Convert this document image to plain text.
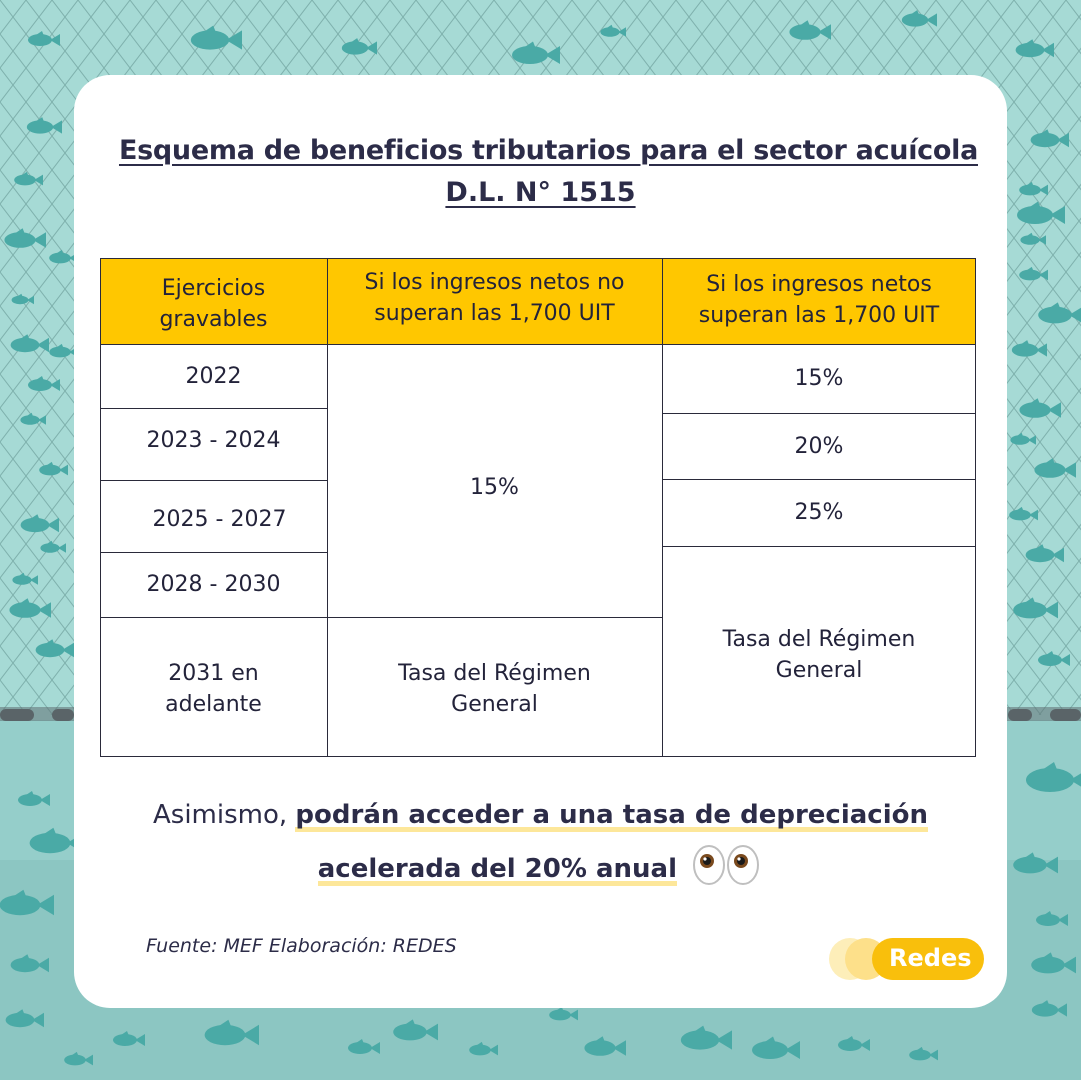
Esquema de beneficios tributarios para el sector acuícola
D.L. N° 1515
Ejercicios gravables
Si los ingresos netos no superan las 1,700 UIT
Si los ingresos netos superan las 1,700 UIT
2022
2023 - 2024
2025 - 2027
2028 - 2030
2031 en adelante
15%
Tasa del Régimen General
15%
20%
25%
Tasa del Régimen General
Asimismo, podrán acceder a una tasa de depreciación
acelerada del 20% anual
Fuente: MEF Elaboración: REDES	Redes
